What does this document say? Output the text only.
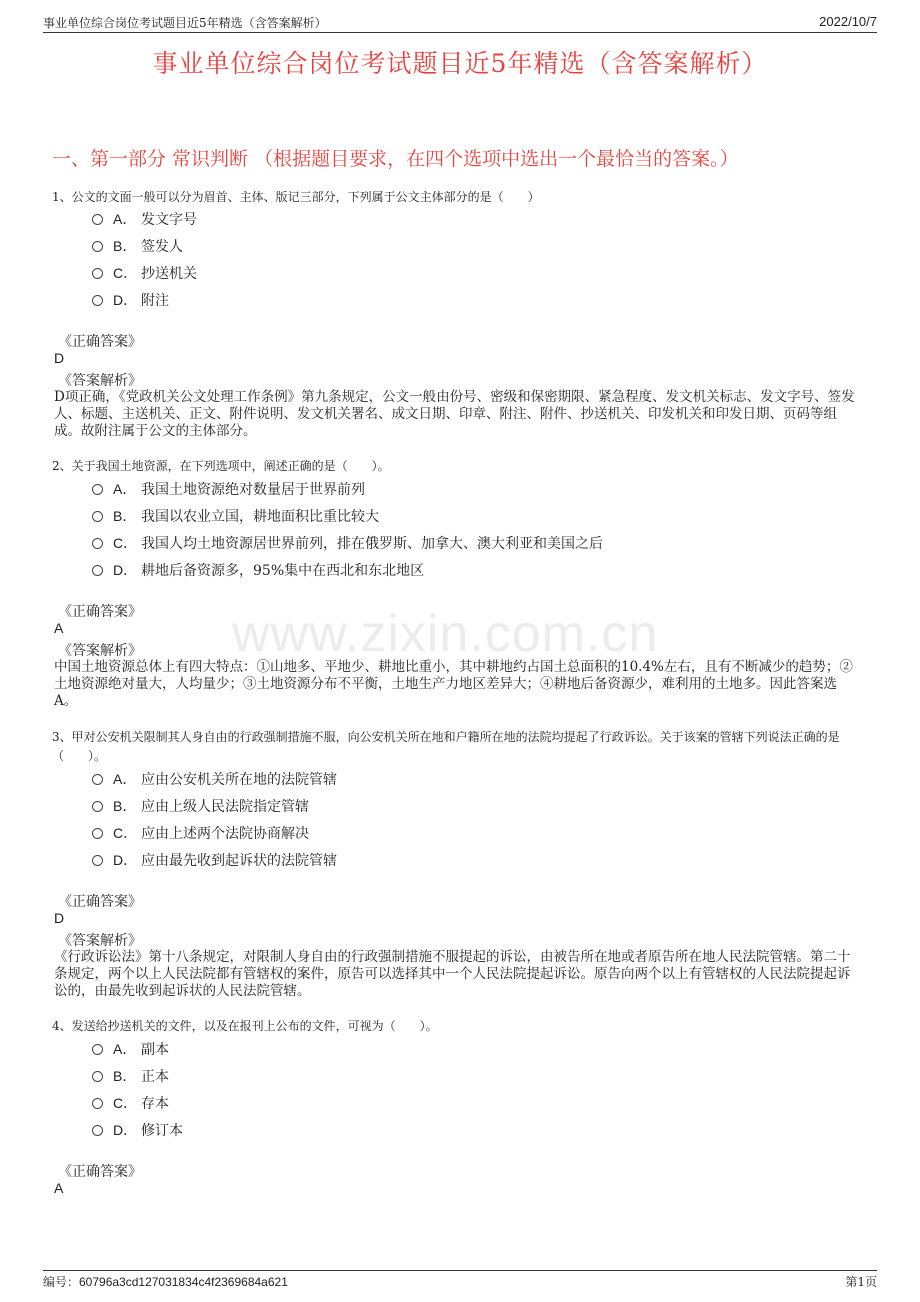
事业单位综合岗位考试题目近5年精选（含答案解析）	2022/10/7
事业单位综合岗位考试题目近5年精选（含答案解析）
一、第一部分 常识判断 （根据题目要求，在四个选项中选出一个最恰当的答案。）
www.zixin.com.cn
1、公文的文面一般可以分为眉首、主体、版记三部分，下列属于公文主体部分的是（　　）
A． 发文字号
B． 签发人
C． 抄送机关
D． 附注
《正确答案》
D
《答案解析》
D项正确，《党政机关公文处理工作条例》第九条规定，公文一般由份号、密级和保密期限、紧急程度、发文机关标志、发文字号、签发人、标题、主送机关、正文、附件说明、发文机关署名、成文日期、印章、附注、附件、抄送机关、印发机关和印发日期、页码等组成。故附注属于公文的主体部分。
2、关于我国土地资源，在下列选项中，阐述正确的是（　　）。
A． 我国土地资源绝对数量居于世界前列
B． 我国以农业立国，耕地面积比重比较大
C． 我国人均土地资源居世界前列，排在俄罗斯、加拿大、澳大利亚和美国之后
D． 耕地后备资源多，95%集中在西北和东北地区
《正确答案》
A
《答案解析》
中国土地资源总体上有四大特点：①山地多、平地少、耕地比重小，其中耕地约占国土总面积的10.4%左右，且有不断减少的趋势；②土地资源绝对量大，人均量少；③土地资源分布不平衡，土地生产力地区差异大；④耕地后备资源少，难利用的土地多。因此答案选A。
3、甲对公安机关限制其人身自由的行政强制措施不服，向公安机关所在地和户籍所在地的法院均提起了行政诉讼。关于该案的管辖下列说法正确的是（　　）。
A． 应由公安机关所在地的法院管辖
B． 应由上级人民法院指定管辖
C． 应由上述两个法院协商解决
D． 应由最先收到起诉状的法院管辖
《正确答案》
D
《答案解析》
《行政诉讼法》第十八条规定，对限制人身自由的行政强制措施不服提起的诉讼，由被告所在地或者原告所在地人民法院管辖。第二十条规定，两个以上人民法院都有管辖权的案件，原告可以选择其中一个人民法院提起诉讼。原告向两个以上有管辖权的人民法院提起诉讼的，由最先收到起诉状的人民法院管辖。
4、发送给抄送机关的文件，以及在报刊上公布的文件，可视为（　　）。
A． 副本
B． 正本
C． 存本
D． 修订本
《正确答案》
A
编号：60796a3cd127031834c4f2369684a621	第1页
